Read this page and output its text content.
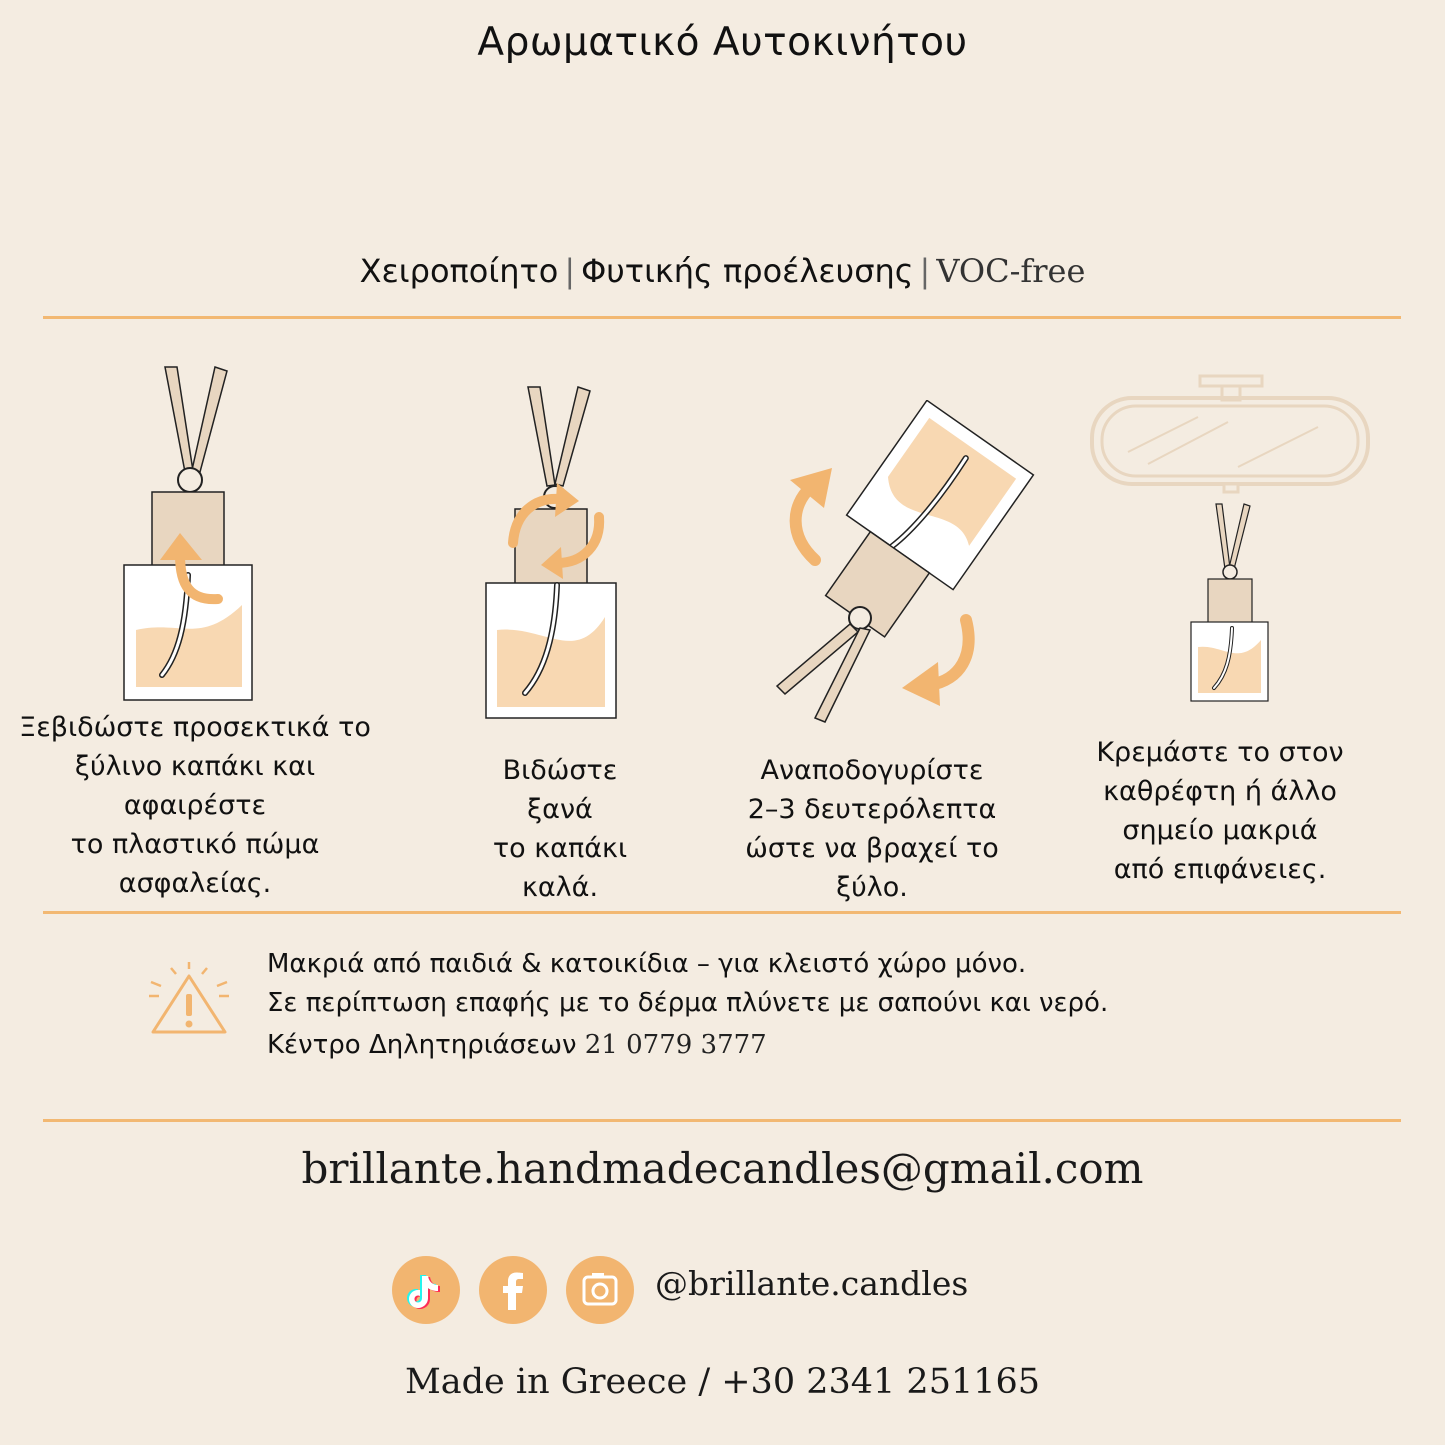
Αρωματικό Αυτοκινήτου
Χειροποίητο | Φυτικής προέλευσης | VOC-free
Ξεβιδώστε προσεκτικά το
ξύλινο καπάκι και
αφαιρέστε
το πλαστικό πώμα
ασφαλείας.
Βιδώστε
ξανά
το καπάκι
καλά.
Αναποδογυρίστε
2–3 δευτερόλεπτα
ώστε να βραχεί το
ξύλο.
Κρεμάστε το στον
καθρέφτη ή άλλο
σημείο μακριά
από επιφάνειες.
Μακριά από παιδιά & κατοικίδια – για κλειστό χώρο μόνο.
Σε περίπτωση επαφής με το δέρμα πλύνετε με σαπούνι και νερό.
Κέντρο Δηλητηριάσεων 21 0779 3777
brillante.handmadecandles@gmail.com
@brillante.candles
Made in Greece / +30 2341 251165
